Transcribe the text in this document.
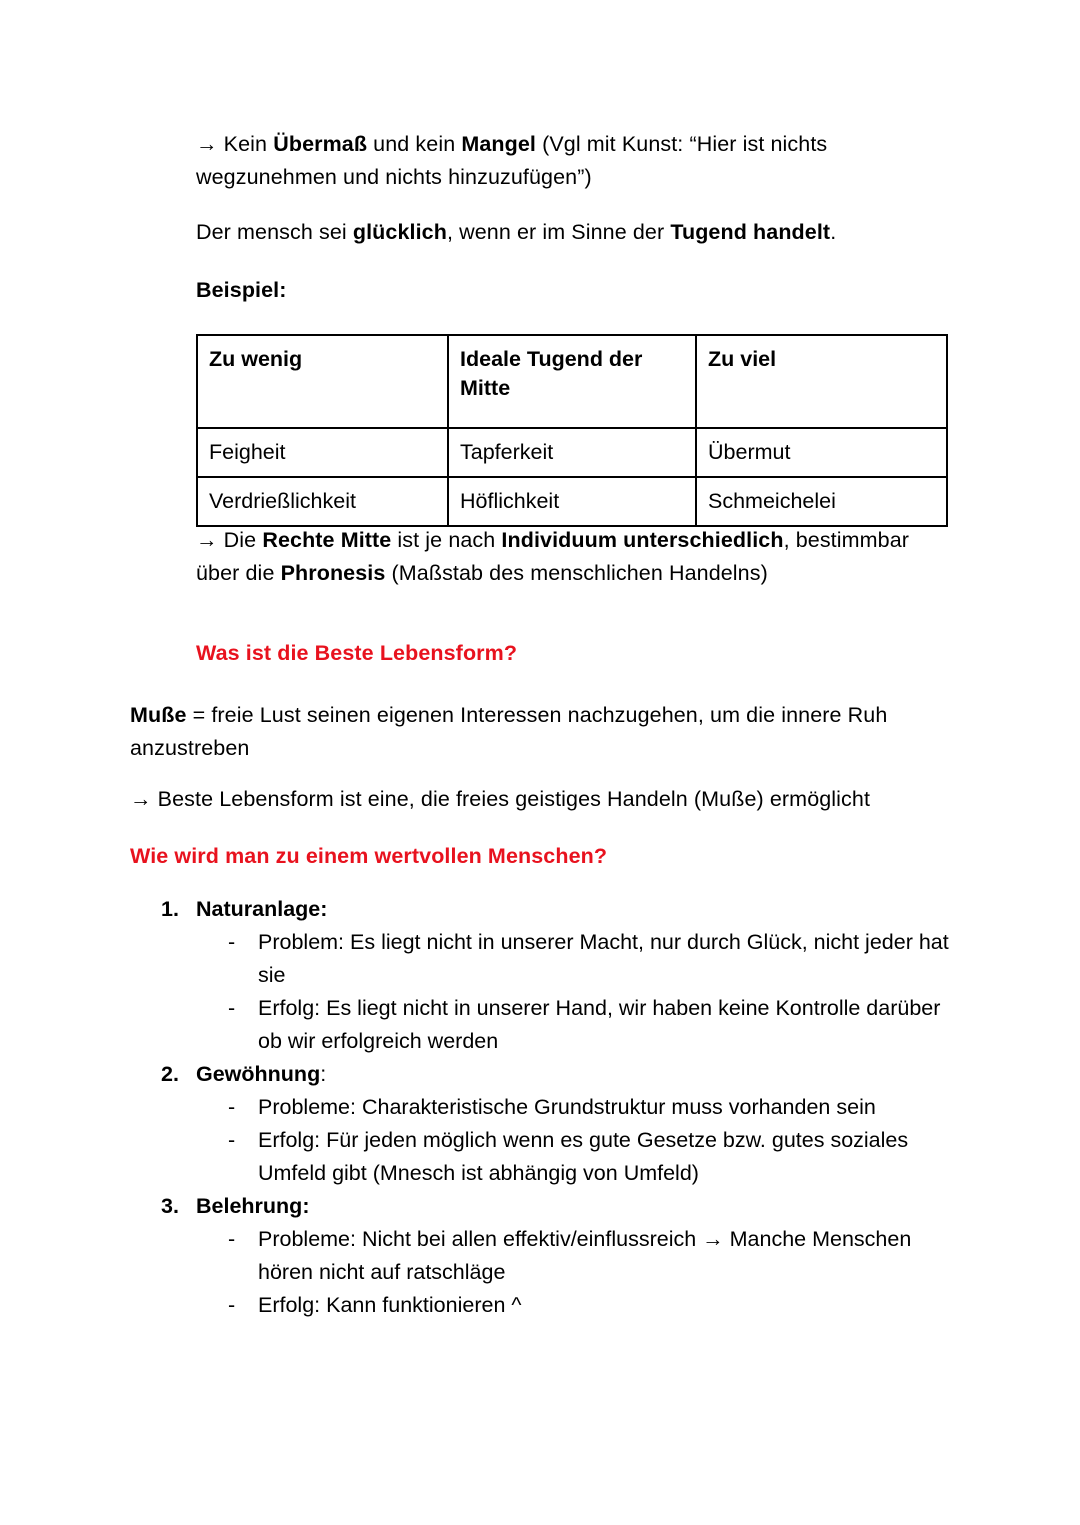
→ Kein Übermaß und kein Mangel (Vgl mit Kunst: “Hier ist nichts wegzunehmen und nichts hinzuzufügen”)
Der mensch sei glücklich, wenn er im Sinne der Tugend handelt.
Beispiel:
Zu wenig	Ideale Tugend der Mitte	Zu viel
Feigheit	Tapferkeit	Übermut
Verdrießlichkeit	Höflichkeit	Schmeichelei
→ Die Rechte Mitte ist je nach Individuum unterschiedlich, bestimmbar über die Phronesis (Maßstab des menschlichen Handelns)
Was ist die Beste Lebensform?
Muße = freie Lust seinen eigenen Interessen nachzugehen, um die innere Ruh anzustreben
→ Beste Lebensform ist eine, die freies geistiges Handeln (Muße) ermöglicht
Wie wird man zu einem wertvollen Menschen?
1. Naturanlage:
- Problem: Es liegt nicht in unserer Macht, nur durch Glück, nicht jeder hat sie
- Erfolg: Es liegt nicht in unserer Hand, wir haben keine Kontrolle darüber ob wir erfolgreich werden
2. Gewöhnung:
- Probleme: Charakteristische Grundstruktur muss vorhanden sein
- Erfolg: Für jeden möglich wenn es gute Gesetze bzw. gutes soziales Umfeld gibt (Mnesch ist abhängig von Umfeld)
3. Belehrung:
- Probleme: Nicht bei allen effektiv/einflussreich → Manche Menschen hören nicht auf ratschläge
- Erfolg: Kann funktionieren ^
